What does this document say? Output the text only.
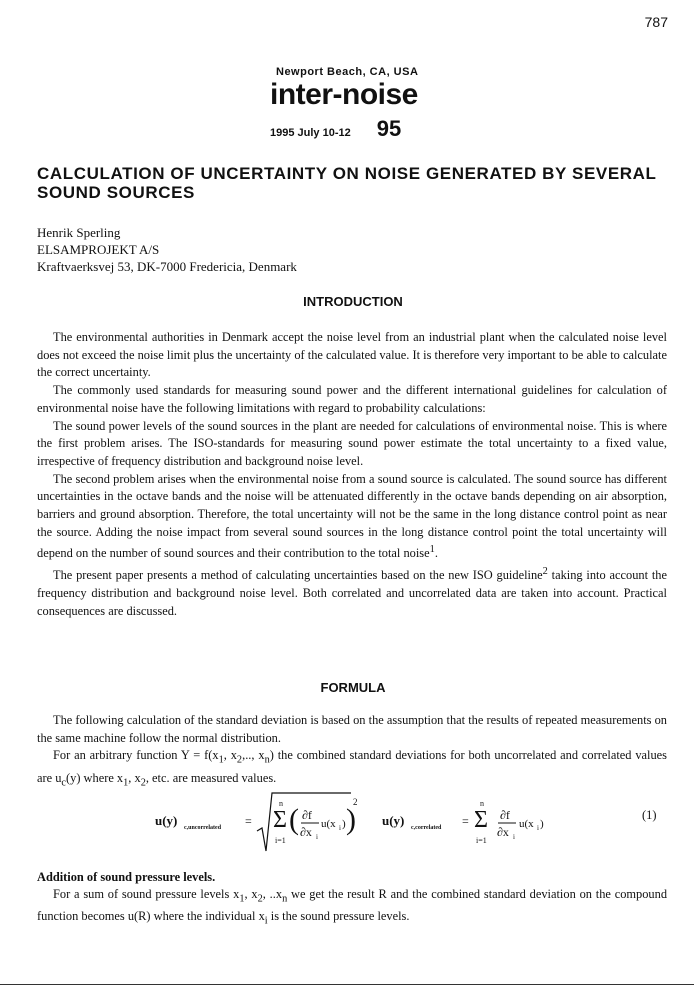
787
Newport Beach, CA, USA
inter-noise
1995 July 10-12 95
CALCULATION OF UNCERTAINTY ON NOISE GENERATED BY SEVERAL SOUND SOURCES
Henrik Sperling
ELSAMPROJEKT A/S
Kraftvaerksvej 53, DK-7000 Fredericia, Denmark
INTRODUCTION

The environmental authorities in Denmark accept the noise level from an industrial plant when the calculated noise level does not exceed the noise limit plus the uncertainty of the calculated value. It is therefore very important to be able to calculate the correct uncertainty.

The commonly used standards for measuring sound power and the different international guidelines for calculation of environmental noise have the following limitations with regard to probability calculations:

The sound power levels of the sound sources in the plant are needed for calculations of environmental noise. This is where the first problem arises. The ISO-standards for measuring sound power estimate the total uncertainty to a fixed value, irrespective of frequency distribution and background noise level.

The second problem arises when the environmental noise from a sound source is calculated. The sound source has different uncertainties in the octave bands and the noise will be attenuated differently in the octave bands depending on air absorption, barriers and ground absorption. Therefore, the total uncertainty will not be the same in the long distance control point as near the source. Adding the noise impact from several sound sources in the long distance control point the total uncertainty will depend on the number of sound sources and their contribution to the total noise$^1$.

The present paper presents a method of calculating uncertainties based on the new ISO guideline$^2$ taking into account the frequency distribution and background noise level. Both correlated and uncorrelated data are taken into account. Practical consequences are discussed.

FORMULA

The following calculation of the standard deviation is based on the assumption that the results of repeated measurements on the same machine follow the normal distribution.

For an arbitrary function $Y = f(x_1$, $x_2$,.., $x_n$) the combined standard deviations for both uncorrelated and correlated values are $u_c(y)$ where $x_1$, $x_2$, etc. are measured values.

u(y) c,uncorrelated =
n
Σ
i=1
( ∂f
∂x i
u(x i ) )
2
u(y) c,correlated =
n
Σ
i=1
∂f
∂x i
u(x i )
(1)
Addition of sound pressure levels.

For a sum of sound pressure levels $x_1$, $x_2$, $..x_n$ we get the result R and the combined standard deviation on the compound function becomes u(R) where the individual $x_i$ is the sound pressure levels.
